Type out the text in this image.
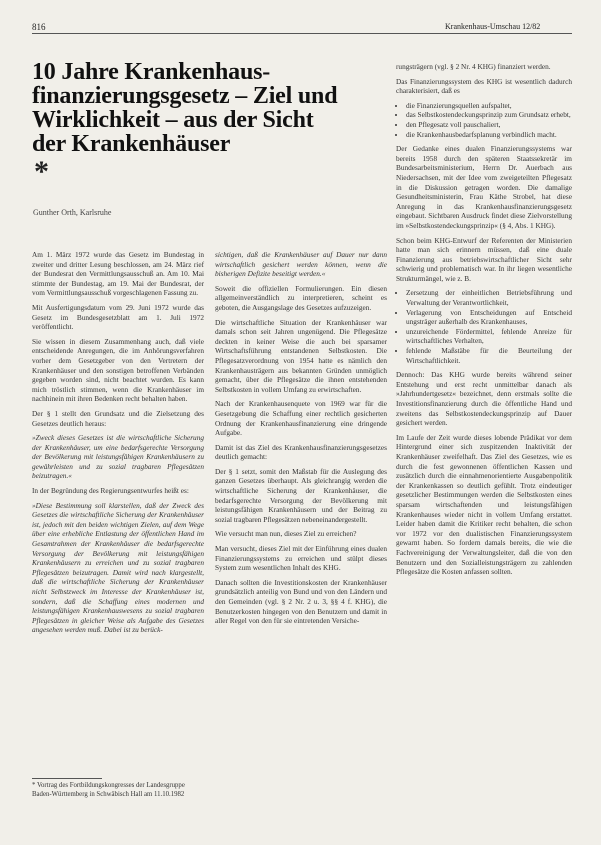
816	Krankenhaus-Umschau 12/82
10 Jahre Krankenhaus-
finanzierungsgesetz – Ziel und
Wirklichkeit – aus der Sicht
der Krankenhäuser
*
Gunther Orth, Karlsruhe

Am 1. März 1972 wurde das Gesetz im Bundestag in zweiter und dritter Lesung beschlossen, am 24. März rief der Bundesrat den Vermittlungsausschuß an. Am 10. Mai stimmte der Bundestag, am 19. Mai der Bundesrat, der vom Vermittlungsausschuß vorgeschlagenen Fassung zu.

Mit Ausfertigungsdatum vom 29. Juni 1972 wurde das Gesetz im Bundesgesetzblatt am 1. Juli 1972 veröffentlicht.

Sie wissen in diesem Zusammenhang auch, daß viele entscheidende Anregungen, die im Anhörungsverfahren vorher dem Gesetzgeber von den Vertretern der Krankenhäuser und den sonstigen betroffenen Verbänden gegeben worden sind, nicht beachtet wurden. Es kann mich tröstlich stimmen, wenn die Krankenhäuser im nachhinein mit ihren Bedenken recht behalten haben.

Der § 1 stellt den Grundsatz und die Zielsetzung des Gesetzes deutlich heraus:

»Zweck dieses Gesetzes ist die wirtschaftliche Sicherung der Krankenhäuser, um eine bedarfsgerechte Versorgung der Bevölkerung mit leistungsfähigen Krankenhäusern zu gewährleisten und zu sozial tragbaren Pflegesätzen beizutragen.«

In der Begründung des Regierungsentwurfes heißt es:

»Diese Bestimmung soll klarstellen, daß der Zweck des Gesetzes die wirtschaftliche Sicherung der Krankenhäuser ist, jedoch mit den beiden wichtigen Zielen, auf dem Wege über eine erhebliche Entlastung der öffentlichen Hand im Gesamtrahmen der Krankenhäuser die bedarfsgerechte Versorgung der Bevölkerung mit leistungsfähigen Krankenhäusern zu erreichen und zu sozial tragbaren Pflegesätzen beizutragen. Damit wird nach klargestellt, daß die wirtschaftliche Sicherung der Krankenhäuser nicht Selbstzweck im Interesse der Krankenhäuser ist, sondern, daß die Schaffung eines modernen und leistungsfähigen Krankenhauswesens zu sozial tragbaren Pflegesätzen in gleicher Weise als Aufgabe des Gesetzes angesehen werden muß. Dabei ist zu berück-

sichtigen, daß die Krankenhäuser auf Dauer nur dann wirtschaftlich gesichert werden können, wenn die bisherigen Defizite beseitigt werden.«

Soweit die offiziellen Formulierungen. Ein diesen allgemeinverständlich zu interpretieren, scheint es geboten, die Ausgangslage des Gesetzes aufzuzeigen.

Die wirtschaftliche Situation der Krankenhäuser war damals schon seit Jahren ungenügend. Die Pflegesätze deckten in keiner Weise die auch bei sparsamer Wirtschaftsführung entstandenen Selbstkosten. Die Pflegesatzverordnung von 1954 hatte es nämlich den Krankenhausträgern aus bekannten Gründen unmöglich gemacht, über die Pflegesätze die ihnen entstehenden Selbstkosten in vollem Umfang zu erwirtschaften.

Nach der Krankenhausenquete von 1969 war für die Gesetzgebung die Schaffung einer rechtlich gesicherten Ordnung der Krankenhausfinanzierung eine dringende Aufgabe.

Damit ist das Ziel des Krankenhausfinanzierungsgesetzes deutlich gemacht:

Der § 1 setzt, somit den Maßstab für die Auslegung des ganzen Gesetzes überhaupt. Als gleichrangig werden die wirtschaftliche Sicherung der Krankenhäuser, die bedarfsgerechte Versorgung der Bevölkerung mit leistungsfähigen Krankenhäusern und der Beitrag zu sozial tragbaren Pflegesätzen nebeneinandergestellt.

Wie versucht man nun, dieses Ziel zu erreichen?

Man versucht, dieses Ziel mit der Einführung eines dualen Finanzierungssystems zu erreichen und stülpt dieses System zum wesentlichen Inhalt des KHG.

Danach sollten die Investitionskosten der Krankenhäuser grundsätzlich anteilig von Bund und von den Ländern und den Gemeinden (vgl. § 2 Nr. 2 u. 3, §§ 4 f. KHG), die Benutzerkosten hingegen von den Benutzern und damit in aller Regel von den für sie eintretenden Versiche-

rungsträgern (vgl. § 2 Nr. 4 KHG) finanziert werden.

Das Finanzierungssystem des KHG ist wesentlich dadurch charakterisiert, daß es

• die Finanzierungsquellen aufspaltet,
• das Selbstkostendeckungsprinzip zum Grundsatz erhebt,
• den Pflegesatz voll pauschaliert,
• die Krankenhausbedarfsplanung verbindlich macht.

Der Gedanke eines dualen Finanzierungssystems war bereits 1958 durch den späteren Staatssekretär im Bundesarbeitsministerium, Herrn Dr. Auerbach aus Niedersachsen, mit der Idee vom zweigeteilten Pflegesatz in die Diskussion getragen worden. Die damalige Gesundheitsministerin, Frau Käthe Strobel, hat diese Anregung in das Krankenhausfinanzierungsgesetz eingebaut. Sichtbaren Ausdruck findet diese Zielvorstellung im »Selbstkostendeckungsprinzip« (§ 4, Abs. 1 KHG).

Schon beim KHG-Entwurf der Referenten der Ministerien hatte man sich erinnern müssen, daß eine duale Finanzierung aus betriebswirtschaftlicher Sicht sehr schwierig und problematisch war. In ihr liegen wesentliche Strukturmängel, wie z. B.

• Zersetzung der einheitlichen Betriebsführung und Verwaltung der Verantwortlichkeit,
• Verlagerung von Entscheidungen auf Entscheid ungsträger außerhalb des Krankenhauses,
• unzureichende Fördermittel, fehlende Anreize für wirtschaftliches Verhalten,
• fehlende Maßstäbe für die Beurteilung der Wirtschaftlichkeit.

Dennoch: Das KHG wurde bereits während seiner Entstehung und erst recht unmittelbar danach als »Jahrhundertgesetz« bezeichnet, denn erstmals sollte die Investitionsfinanzierung durch die öffentliche Hand und zweitens das Selbstkostendeckungsprinzip auf Dauer gesichert werden.

Im Laufe der Zeit wurde dieses lobende Prädikat vor dem Hintergrund einer sich zuspitzenden Inaktivität der Krankenhäuser zweifelhaft. Das Ziel des Gesetzes, wie es durch die fest gewonnenen öffentlichen Kassen und zusätzlich durch die einnahmenorientierte Ausgabenpolitik der Krankenkassen so deutlich gefühlt. Trotz eindeutiger gesetzlicher Bestimmungen werden die Selbstkosten eines sparsam wirtschaftenden und leistungsfähigen Krankenhauses wieder nicht in vollem Umfang erstattet. Leider haben damit die Kritiker recht behalten, die schon vor 1972 vor den dualistischen Finanzierungssystem gewarnt haben. So fordern damals bereits, die wie die Fachvereinigung der Verwaltungsleiter, daß die von den Benutzern und den Sozialleistungsträgern zu zahlenden Pflegesätze die Kosten anfassen sollten.

* Vortrag des Fortbildungskongresses der Landesgruppe Baden-Württemberg in Schwäbisch Hall am 11.10.1982
